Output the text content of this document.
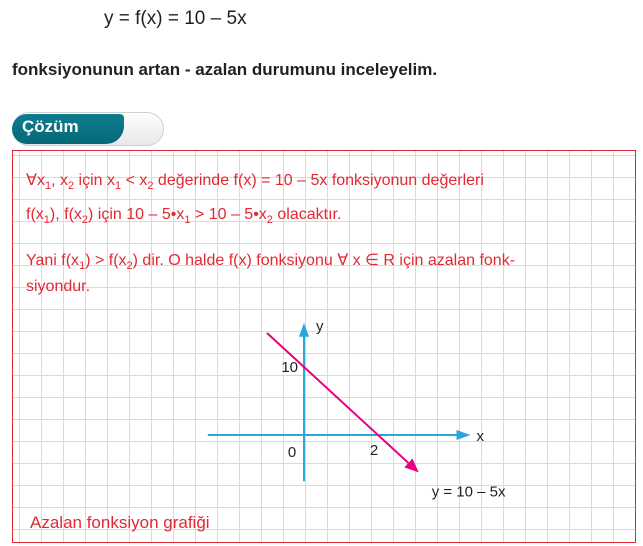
y = f(x) = 10 – 5x
fonksiyonunun artan - azalan durumunu inceleyelim.
Çözüm
$\forall x_1$, $x_2$ için $x_1 < x_2$ değerinde f(x) = 10 – 5x fonksiyonun değerleri
$f(x_1)$, $f(x_2)$ için $10 - 5•x_1 > 10$ – $5•x_2$ olacaktır.
Yani $f(x_1) > f(x_2)$ dir. O halde f(x) fonksiyonu ∀ x ∈ R için azalan fonk-
siyondur.
x
y
0	2
10
y = 10 – 5x
Azalan fonksiyon grafiği
